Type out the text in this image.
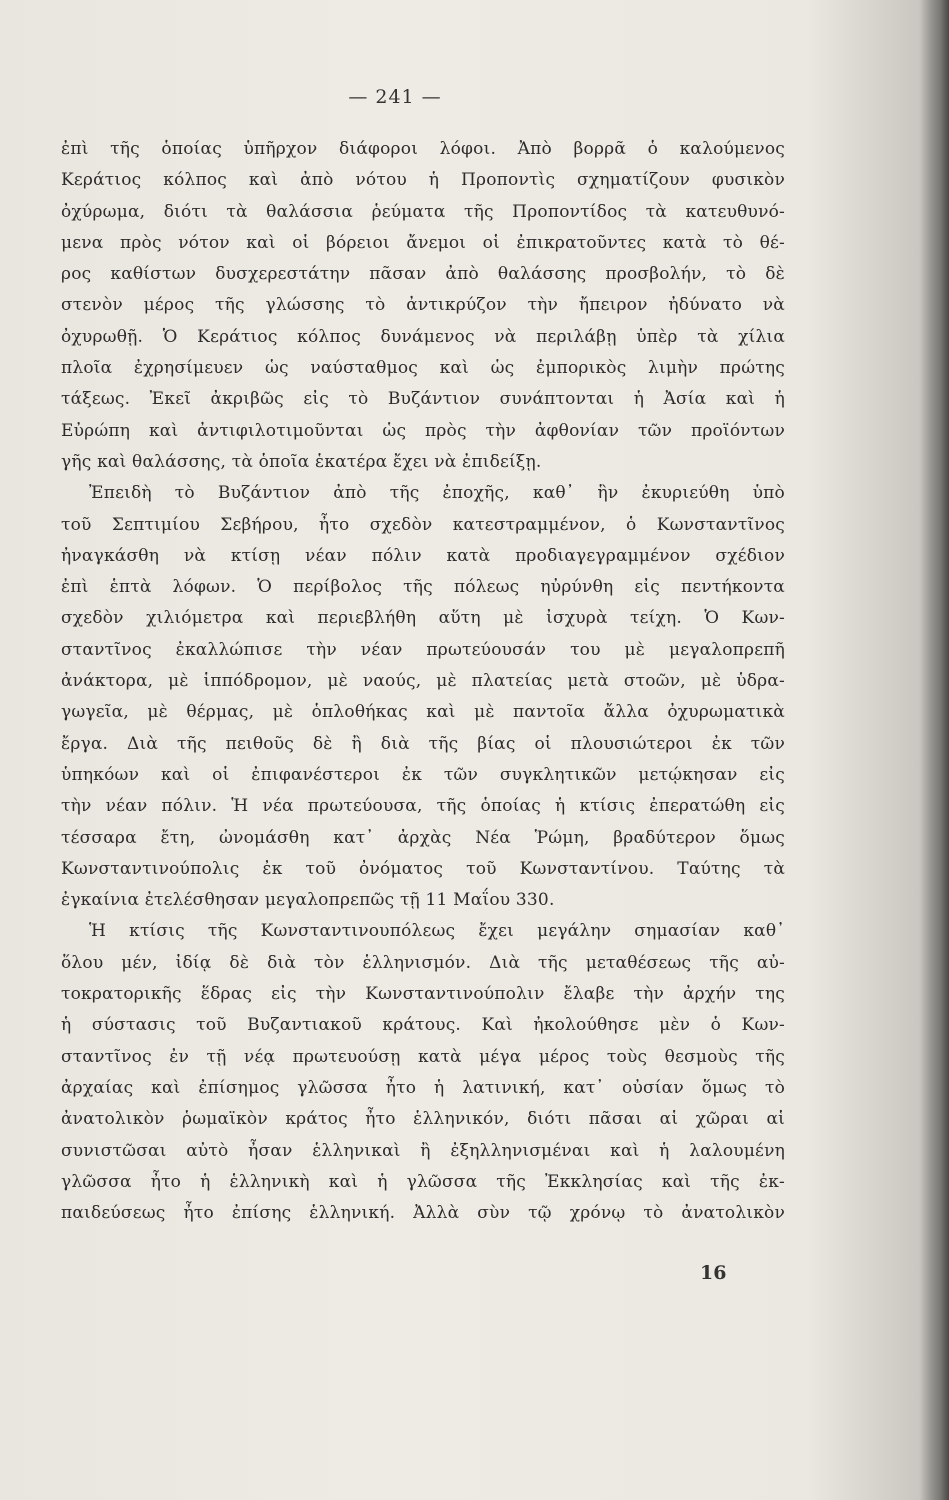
— 241 —
ἐπὶ τῆς ὁποίας ὑπῆρχον διάφοροι λόφοι. Ἀπὸ βορρᾶ ὁ καλούμενος
Κεράτιος κόλπος καὶ ἀπὸ νότου ἡ Προποντὶς σχηματίζουν φυσικὸν
ὀχύρωμα, διότι τὰ θαλάσσια ῥεύματα τῆς Προποντίδος τὰ κατευθυνό-
μενα πρὸς νότον καὶ οἱ βόρειοι ἄνεμοι οἱ ἐπικρατοῦντες κατὰ τὸ θέ-
ρος καθίστων δυσχερεστάτην πᾶσαν ἀπὸ θαλάσσης προσβολήν, τὸ δὲ
στενὸν μέρος τῆς γλώσσης τὸ ἀντικρύζον τὴν ἤπειρον ἠδύνατο νὰ
ὀχυρωθῇ. Ὁ Κεράτιος κόλπος δυνάμενος νὰ περιλάβῃ ὑπὲρ τὰ χίλια
πλοῖα ἐχρησίμευεν ὡς ναύσταθμος καὶ ὡς ἐμπορικὸς λιμὴν πρώτης
τάξεως. Ἐκεῖ ἀκριβῶς εἰς τὸ Βυζάντιον συνάπτονται ἡ Ἀσία καὶ ἡ
Εὐρώπη καὶ ἀντιφιλοτιμοῦνται ὡς πρὸς τὴν ἀφθονίαν τῶν προϊόντων
γῆς καὶ θαλάσσης, τὰ ὁποῖα ἑκατέρα ἔχει νὰ ἐπιδείξῃ.
Ἐπειδὴ τὸ Βυζάντιον ἀπὸ τῆς ἐποχῆς, καθ᾽ ἣν ἐκυριεύθη ὑπὸ
τοῦ Σεπτιμίου Σεβήρου, ἦτο σχεδὸν κατεστραμμένον, ὁ Κωνσταντῖνος
ἠναγκάσθη νὰ κτίσῃ νέαν πόλιν κατὰ προδιαγεγραμμένον σχέδιον
ἐπὶ ἑπτὰ λόφων. Ὁ περίβολος τῆς πόλεως ηὐρύνθη εἰς πεντήκοντα
σχεδὸν χιλιόμετρα καὶ περιεβλήθη αὕτη μὲ ἰσχυρὰ τείχη. Ὁ Κων-
σταντῖνος ἐκαλλώπισε τὴν νέαν πρωτεύουσάν του μὲ μεγαλοπρεπῆ
ἀνάκτορα, μὲ ἱππόδρομον, μὲ ναούς, μὲ πλατείας μετὰ στοῶν, μὲ ὑδρα-
γωγεῖα, μὲ θέρμας, μὲ ὁπλοθήκας καὶ μὲ παντοῖα ἄλλα ὀχυρωματικὰ
ἔργα. Διὰ τῆς πειθοῦς δὲ ἢ διὰ τῆς βίας οἱ πλουσιώτεροι ἐκ τῶν
ὑπηκόων καὶ οἱ ἐπιφανέστεροι ἐκ τῶν συγκλητικῶν μετῴκησαν εἰς
τὴν νέαν πόλιν. Ἡ νέα πρωτεύουσα, τῆς ὁποίας ἡ κτίσις ἐπερατώθη εἰς
τέσσαρα ἔτη, ὠνομάσθη κατ᾽ ἀρχὰς Νέα Ῥώμη, βραδύτερον ὅμως
Κωνσταντινούπολις ἐκ τοῦ ὀνόματος τοῦ Κωνσταντίνου. Ταύτης τὰ
ἐγκαίνια ἐτελέσθησαν μεγαλοπρεπῶς τῇ 11 Μαΐου 330.
Ἡ κτίσις τῆς Κωνσταντινουπόλεως ἔχει μεγάλην σημασίαν καθ᾽
ὅλου μέν, ἰδίᾳ δὲ διὰ τὸν ἑλληνισμόν. Διὰ τῆς μεταθέσεως τῆς αὐ-
τοκρατορικῆς ἕδρας εἰς τὴν Κωνσταντινούπολιν ἔλαβε τὴν ἀρχήν της
ἡ σύστασις τοῦ Βυζαντιακοῦ κράτους. Καὶ ἠκολούθησε μὲν ὁ Κων-
σταντῖνος ἐν τῇ νέᾳ πρωτευούσῃ κατὰ μέγα μέρος τοὺς θεσμοὺς τῆς
ἀρχαίας καὶ ἐπίσημος γλῶσσα ἦτο ἡ λατινική, κατ᾽ οὐσίαν ὅμως τὸ
ἀνατολικὸν ῥωμαϊκὸν κράτος ἦτο ἑλληνικόν, διότι πᾶσαι αἱ χῶραι αἱ
συνιστῶσαι αὐτὸ ἦσαν ἑλληνικαὶ ἢ ἐξηλληνισμέναι καὶ ἡ λαλουμένη
γλῶσσα ἦτο ἡ ἑλληνικὴ καὶ ἡ γλῶσσα τῆς Ἐκκλησίας καὶ τῆς ἐκ-
παιδεύσεως ἦτο ἐπίσης ἑλληνική. Ἀλλὰ σὺν τῷ χρόνῳ τὸ ἀνατολικὸν
16
